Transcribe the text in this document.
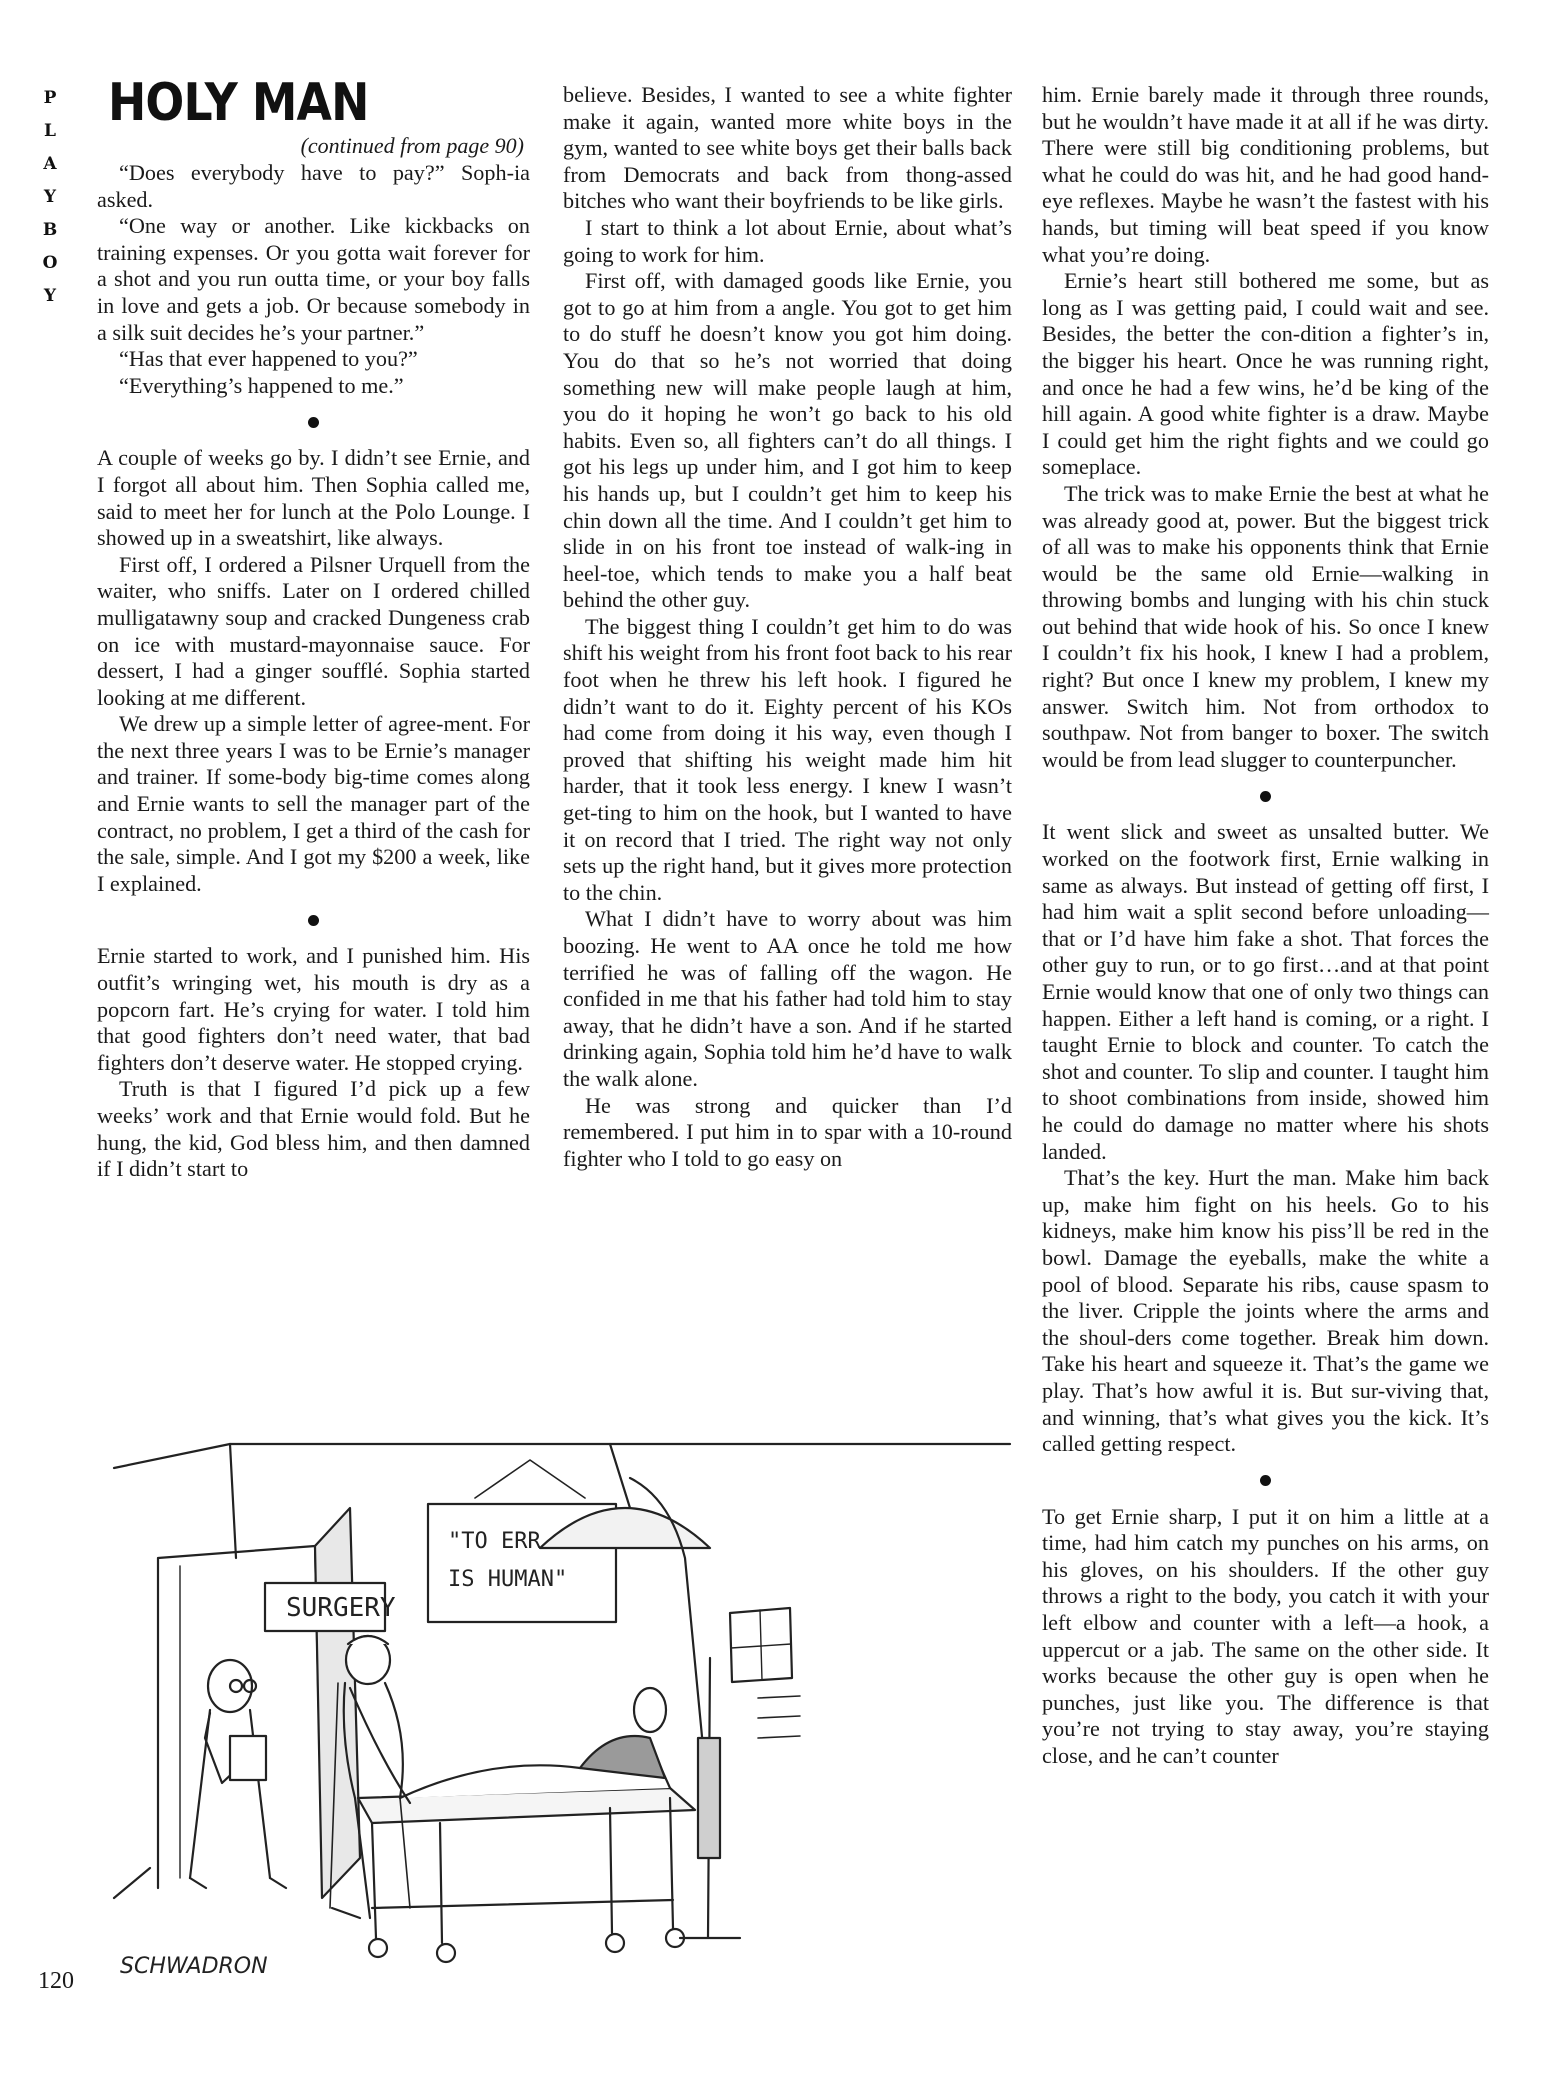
P
L
A
Y
B
O
Y
HOLY MAN
(continued from page 90)

“Does everybody have to pay?” Soph-ia asked.

“One way or another. Like kickbacks on training expenses. Or you gotta wait forever for a shot and you run outta time, or your boy falls in love and gets a job. Or because somebody in a silk suit decides he’s your partner.”

“Has that ever happened to you?”

“Everything’s happened to me.”

A couple of weeks go by. I didn’t see Ernie, and I forgot all about him. Then Sophia called me, said to meet her for lunch at the Polo Lounge. I showed up in a sweatshirt, like always.

First off, I ordered a Pilsner Urquell from the waiter, who sniffs. Later on I ordered chilled mulligatawny soup and cracked Dungeness crab on ice with mustard-mayonnaise sauce. For dessert, I had a ginger soufflé. Sophia started looking at me different.

We drew up a simple letter of agree-ment. For the next three years I was to be Ernie’s manager and trainer. If some-body big-time comes along and Ernie wants to sell the manager part of the contract, no problem, I get a third of the cash for the sale, simple. And I got my $200 a week, like I explained.

Ernie started to work, and I punished him. His outfit’s wringing wet, his mouth is dry as a popcorn fart. He’s crying for water. I told him that good fighters don’t need water, that bad fighters don’t deserve water. He stopped crying.

Truth is that I figured I’d pick up a few weeks’ work and that Ernie would fold. But he hung, the kid, God bless him, and then damned if I didn’t start to

believe. Besides, I wanted to see a white fighter make it again, wanted more white boys in the gym, wanted to see white boys get their balls back from Democrats and back from thong-assed bitches who want their boyfriends to be like girls.

I start to think a lot about Ernie, about what’s going to work for him.

First off, with damaged goods like Ernie, you got to go at him from a angle. You got to get him to do stuff he doesn’t know you got him doing. You do that so he’s not worried that doing something new will make people laugh at him, you do it hoping he won’t go back to his old habits. Even so, all fighters can’t do all things. I got his legs up under him, and I got him to keep his hands up, but I couldn’t get him to keep his chin down all the time. And I couldn’t get him to slide in on his front toe instead of walk-ing in heel-toe, which tends to make you a half beat behind the other guy.

The biggest thing I couldn’t get him to do was shift his weight from his front foot back to his rear foot when he threw his left hook. I figured he didn’t want to do it. Eighty percent of his KOs had come from doing it his way, even though I proved that shifting his weight made him hit harder, that it took less energy. I knew I wasn’t get-ting to him on the hook, but I wanted to have it on record that I tried. The right way not only sets up the right hand, but it gives more protection to the chin.

What I didn’t have to worry about was him boozing. He went to AA once he told me how terrified he was of falling off the wagon. He confided in me that his father had told him to stay away, that he didn’t have a son. And if he started drinking again, Sophia told him he’d have to walk the walk alone.

He was strong and quicker than I’d remembered. I put him in to spar with a 10-round fighter who I told to go easy on

him. Ernie barely made it through three rounds, but he wouldn’t have made it at all if he was dirty. There were still big conditioning problems, but what he could do was hit, and he had good hand-eye reflexes. Maybe he wasn’t the fastest with his hands, but timing will beat speed if you know what you’re doing.

Ernie’s heart still bothered me some, but as long as I was getting paid, I could wait and see. Besides, the better the con-dition a fighter’s in, the bigger his heart. Once he was running right, and once he had a few wins, he’d be king of the hill again. A good white fighter is a draw. Maybe I could get him the right fights and we could go someplace.

The trick was to make Ernie the best at what he was already good at, power. But the biggest trick of all was to make his opponents think that Ernie would be the same old Ernie—walking in throwing bombs and lunging with his chin stuck out behind that wide hook of his. So once I knew I couldn’t fix his hook, I knew I had a problem, right? But once I knew my problem, I knew my answer. Switch him. Not from orthodox to southpaw. Not from banger to boxer. The switch would be from lead slugger to counterpuncher.

It went slick and sweet as unsalted butter. We worked on the footwork first, Ernie walking in same as always. But instead of getting off first, I had him wait a split second before unloading—that or I’d have him fake a shot. That forces the other guy to run, or to go first…and at that point Ernie would know that one of only two things can happen. Either a left hand is coming, or a right. I taught Ernie to block and counter. To catch the shot and counter. To slip and counter. I taught him to shoot combinations from inside, showed him he could do damage no matter where his shots landed.

That’s the key. Hurt the man. Make him back up, make him fight on his heels. Go to his kidneys, make him know his piss’ll be red in the bowl. Damage the eyeballs, make the white a pool of blood. Separate his ribs, cause spasm to the liver. Cripple the joints where the arms and the shoul-ders come together. Break him down. Take his heart and squeeze it. That’s the game we play. That’s how awful it is. But sur-viving that, and winning, that’s what gives you the kick. It’s called getting respect.

To get Ernie sharp, I put it on him a little at a time, had him catch my punches on his arms, on his gloves, on his shoulders. If the other guy throws a right to the body, you catch it with your left elbow and counter with a left—a hook, a uppercut or a jab. The same on the other side. It works because the other guy is open when he punches, just like you. The difference is that you’re not trying to stay away, you’re staying close, and he can’t counter

SURGERY
"TO ERR
IS HUMAN"
SCHWADRON
120
